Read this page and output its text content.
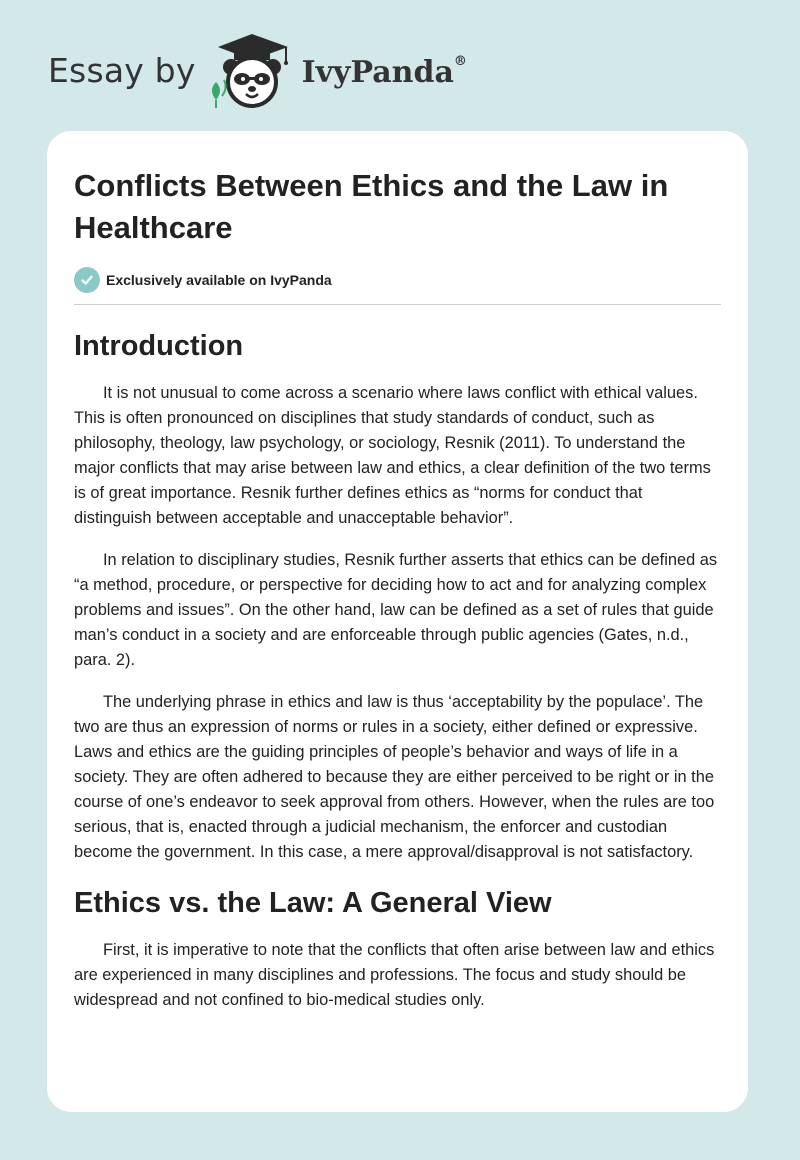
Essay by	IvyPanda®
Conflicts Between Ethics and the Law in Healthcare
Exclusively available on IvyPanda
Introduction

It is not unusual to come across a scenario where laws conflict with ethical values. This is often pronounced on disciplines that study standards of conduct, such as philosophy, theology, law psychology, or sociology, Resnik (2011). To understand the major conflicts that may arise between law and ethics, a clear definition of the two terms is of great importance. Resnik further defines ethics as “norms for conduct that distinguish between acceptable and unacceptable behavior”.

In relation to disciplinary studies, Resnik further asserts that ethics can be defined as “a method, procedure, or perspective for deciding how to act and for analyzing complex problems and issues”. On the other hand, law can be defined as a set of rules that guide man’s conduct in a society and are enforceable through public agencies (Gates, n.d., para. 2).

The underlying phrase in ethics and law is thus ‘acceptability by the populace’. The two are thus an expression of norms or rules in a society, either defined or expressive. Laws and ethics are the guiding principles of people’s behavior and ways of life in a society. They are often adhered to because they are either perceived to be right or in the course of one’s endeavor to seek approval from others. However, when the rules are too serious, that is, enacted through a judicial mechanism, the enforcer and custodian become the government. In this case, a mere approval/disapproval is not satisfactory.

Ethics vs. the Law: A General View

First, it is imperative to note that the conflicts that often arise between law and ethics are experienced in many disciplines and professions. The focus and study should be widespread and not confined to bio-medical studies only.
